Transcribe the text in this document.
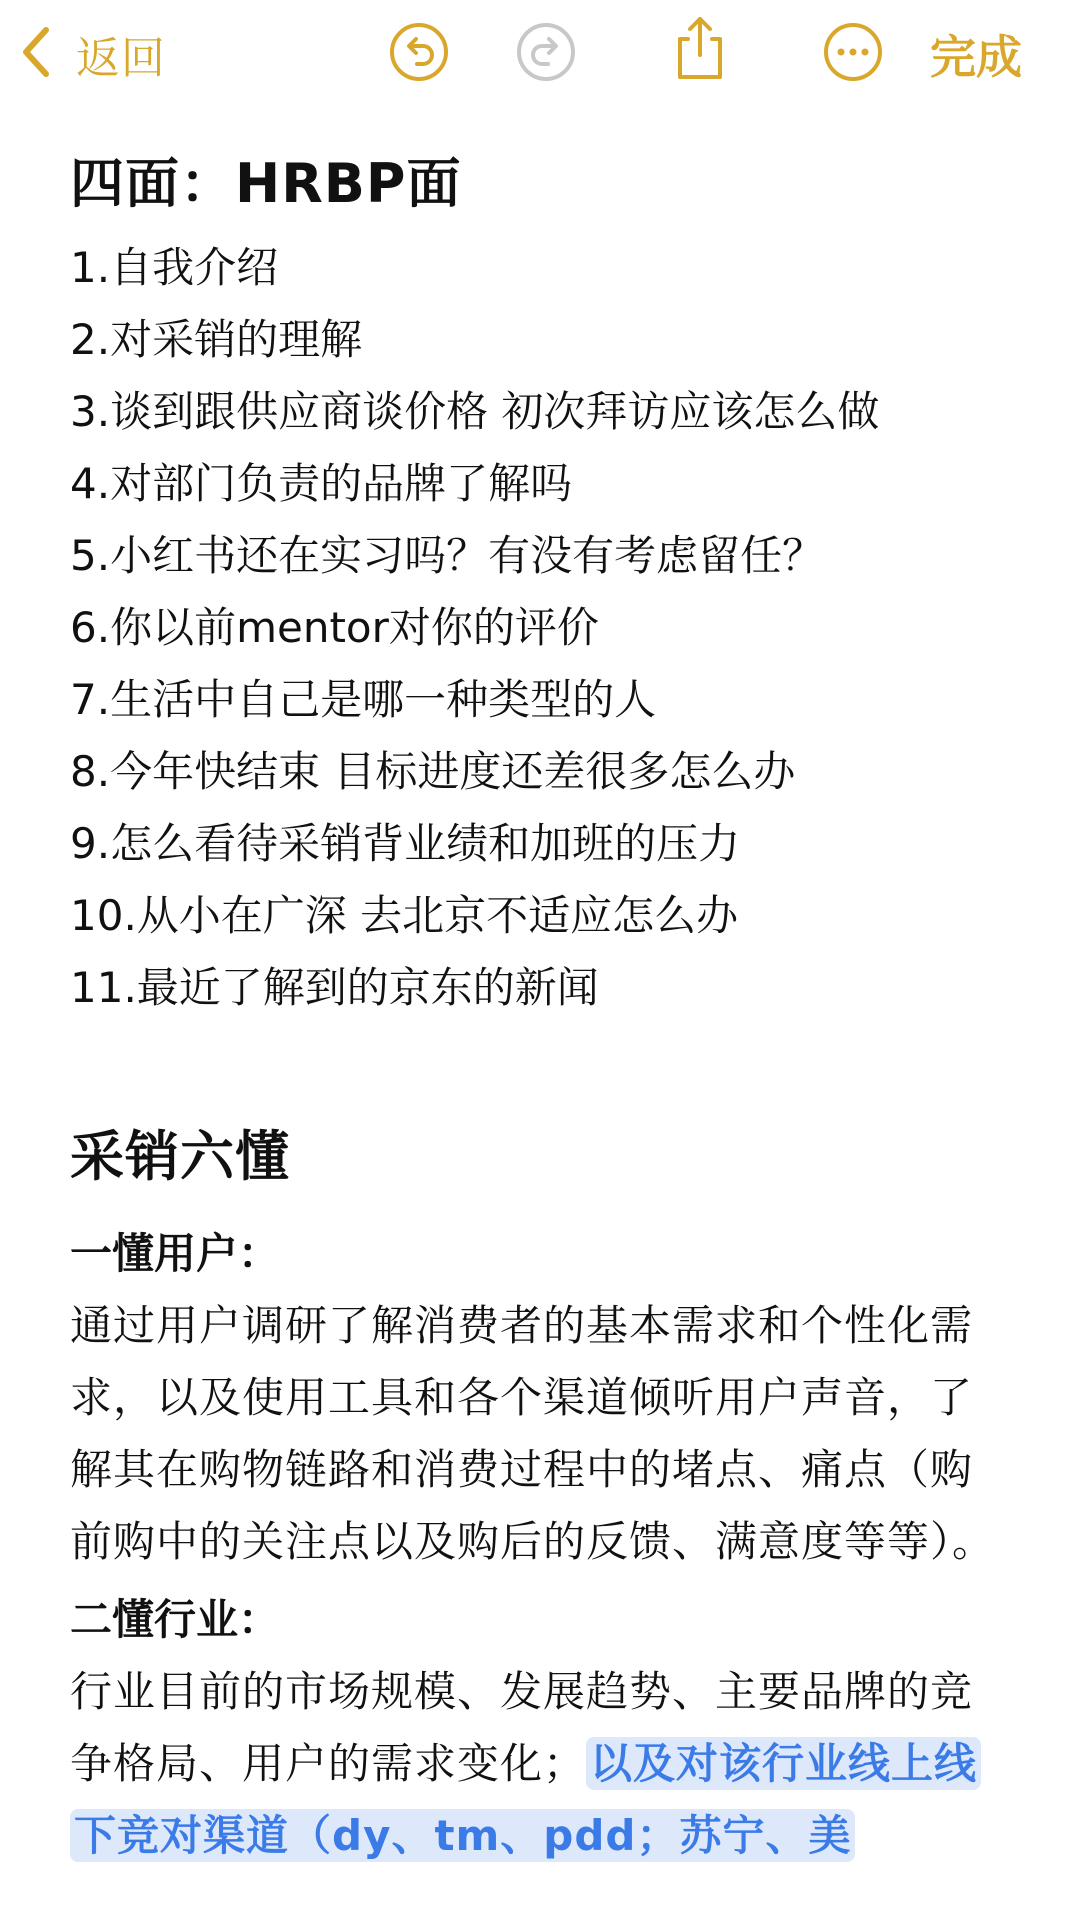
返回	完成
四面：HRBP面
1.自我介绍
2.对采销的理解
3.谈到跟供应商谈价格 初次拜访应该怎么做
4.对部门负责的品牌了解吗
5.小红书还在实习吗？有没有考虑留任？
6.你以前mentor对你的评价
7.生活中自己是哪一种类型的人
8.今年快结束 目标进度还差很多怎么办
9.怎么看待采销背业绩和加班的压力
10.从小在广深 去北京不适应怎么办
11.最近了解到的京东的新闻
采销六懂
一懂用户：
通过用户调研了解消费者的基本需求和个性化需求，以及使用工具和各个渠道倾听用户声音，了解其在购物链路和消费过程中的堵点、痛点（购前购中的关注点以及购后的反馈、满意度等等）。
二懂行业：
行业目前的市场规模、发展趋势、主要品牌的竞争格局、用户的需求变化；以及对该行业线上线下竞对渠道（dy、tm、pdd；苏宁、美
